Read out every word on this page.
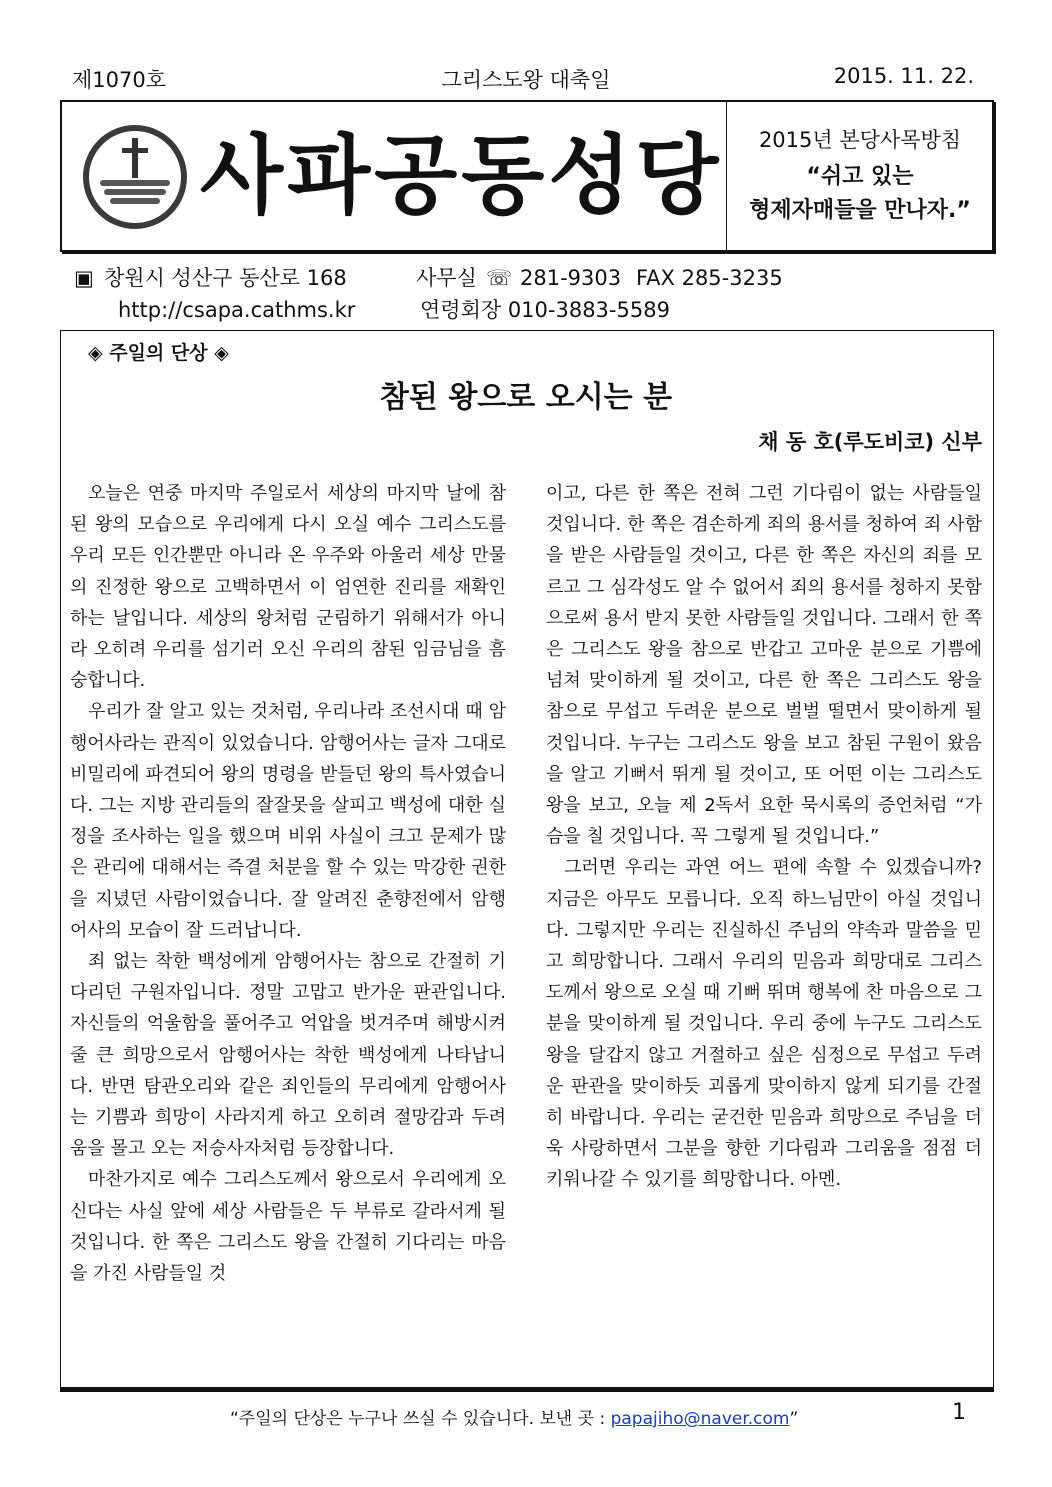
제1070호	그리스도왕 대축일	2015. 11. 22.
사파공동성당 사파공동성당	2015년 본당사목방침
“쉬고 있는
형제자매들을 만나자.”
▣ 창원시 성산구 동산로 168	사무실 ☏ 281-9303 FAX 285-3235
http://csapa.cathms.kr	연령회장 010-3883-5589
◈ 주일의 단상 ◈
참된 왕으로 오시는 분
채 동 호(루도비코) 신부

오늘은 연중 마지막 주일로서 세상의 마지막 날에 참된 왕의 모습으로 우리에게 다시 오실 예수 그리스도를 우리 모든 인간뿐만 아니라 온 우주와 아울러 세상 만물의 진정한 왕으로 고백하면서 이 엄연한 진리를 재확인하는 날입니다. 세상의 왕처럼 군림하기 위해서가 아니라 오히려 우리를 섬기러 오신 우리의 참된 임금님을 흠숭합니다.

우리가 잘 알고 있는 것처럼, 우리나라 조선시대 때 암행어사라는 관직이 있었습니다. 암행어사는 글자 그대로 비밀리에 파견되어 왕의 명령을 받들던 왕의 특사였습니다. 그는 지방 관리들의 잘잘못을 살피고 백성에 대한 실정을 조사하는 일을 했으며 비위 사실이 크고 문제가 많은 관리에 대해서는 즉결 처분을 할 수 있는 막강한 권한을 지녔던 사람이었습니다. 잘 알려진 춘향전에서 암행어사의 모습이 잘 드러납니다.

죄 없는 착한 백성에게 암행어사는 참으로 간절히 기다리던 구원자입니다. 정말 고맙고 반가운 판관입니다. 자신들의 억울함을 풀어주고 억압을 벗겨주며 해방시켜줄 큰 희망으로서 암행어사는 착한 백성에게 나타납니다. 반면 탐관오리와 같은 죄인들의 무리에게 암행어사는 기쁨과 희망이 사라지게 하고 오히려 절망감과 두려움을 몰고 오는 저승사자처럼 등장합니다.

마찬가지로 예수 그리스도께서 왕으로서 우리에게 오신다는 사실 앞에 세상 사람들은 두 부류로 갈라서게 될 것입니다. 한 쪽은 그리스도 왕을 간절히 기다리는 마음을 가진 사람들일 것

이고, 다른 한 쪽은 전혀 그런 기다림이 없는 사람들일 것입니다. 한 쪽은 겸손하게 죄의 용서를 청하여 죄 사함을 받은 사람들일 것이고, 다른 한 쪽은 자신의 죄를 모르고 그 심각성도 알 수 없어서 죄의 용서를 청하지 못함으로써 용서 받지 못한 사람들일 것입니다. 그래서 한 쪽은 그리스도 왕을 참으로 반갑고 고마운 분으로 기쁨에 넘쳐 맞이하게 될 것이고, 다른 한 쪽은 그리스도 왕을 참으로 무섭고 두려운 분으로 벌벌 떨면서 맞이하게 될 것입니다. 누구는 그리스도 왕을 보고 참된 구원이 왔음을 알고 기뻐서 뛰게 될 것이고, 또 어떤 이는 그리스도 왕을 보고, 오늘 제 2독서 요한 묵시록의 증언처럼 “가슴을 칠 것입니다. 꼭 그렇게 될 것입니다.”

그러면 우리는 과연 어느 편에 속할 수 있겠습니까? 지금은 아무도 모릅니다. 오직 하느님만이 아실 것입니다. 그렇지만 우리는 진실하신 주님의 약속과 말씀을 믿고 희망합니다. 그래서 우리의 믿음과 희망대로 그리스도께서 왕으로 오실 때 기뻐 뛰며 행복에 찬 마음으로 그분을 맞이하게 될 것입니다. 우리 중에 누구도 그리스도 왕을 달갑지 않고 거절하고 싶은 심정으로 무섭고 두려운 판관을 맞이하듯 괴롭게 맞이하지 않게 되기를 간절히 바랍니다. 우리는 굳건한 믿음과 희망으로 주님을 더욱 사랑하면서 그분을 향한 기다림과 그리움을 점점 더 키워나갈 수 있기를 희망합니다. 아멘.

“주일의 단상은 누구나 쓰실 수 있습니다. 보낸 곳 : papajiho@naver.com”	1
